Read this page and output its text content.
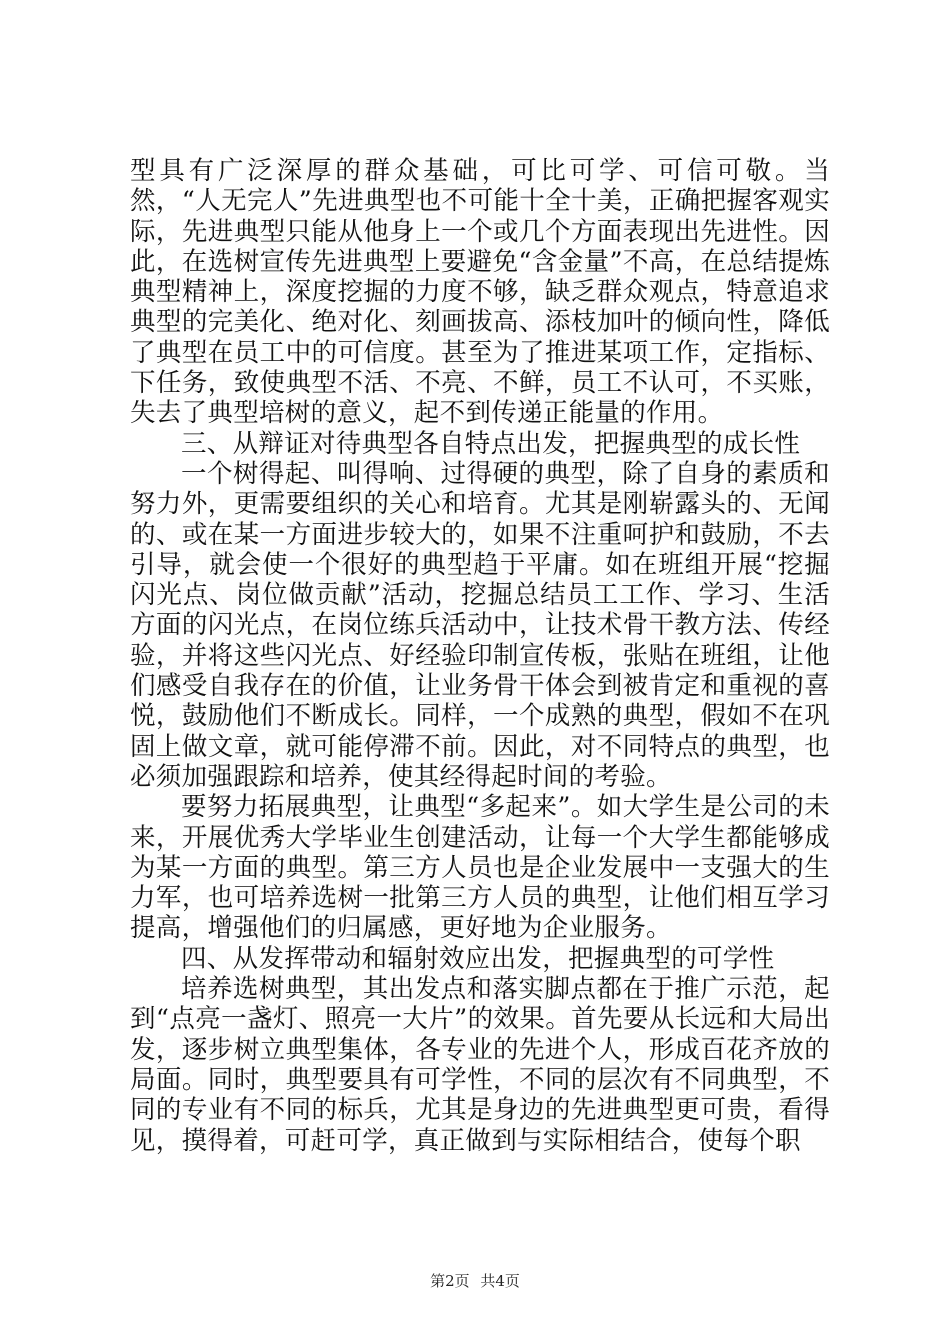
型具有广泛深厚的群众基础，可比可学、可信可敬。当然，“人无完人”先进典型也不可能十全十美，正确把握客观实际，先进典型只能从他身上一个或几个方面表现出先进性。因此，在选树宣传先进典型上要避免“含金量”不高，在总结提炼典型精神上，深度挖掘的力度不够，缺乏群众观点，特意追求典型的完美化、绝对化、刻画拔高、添枝加叶的倾向性，降低了典型在员工中的可信度。甚至为了推进某项工作，定指标、下任务，致使典型不活、不亮、不鲜，员工不认可，不买账，失去了典型培树的意义，起不到传递正能量的作用。

三、从辩证对待典型各自特点出发，把握典型的成长性

一个树得起、叫得响、过得硬的典型，除了自身的素质和努力外，更需要组织的关心和培育。尤其是刚崭露头的、无闻的、或在某一方面进步较大的，如果不注重呵护和鼓励，不去引导，就会使一个很好的典型趋于平庸。如在班组开展“挖掘闪光点、岗位做贡献”活动，挖掘总结员工工作、学习、生活方面的闪光点，在岗位练兵活动中，让技术骨干教方法、传经验，并将这些闪光点、好经验印制宣传板，张贴在班组，让他们感受自我存在的价值，让业务骨干体会到被肯定和重视的喜悦，鼓励他们不断成长。同样，一个成熟的典型，假如不在巩固上做文章，就可能停滞不前。因此，对不同特点的典型，也必须加强跟踪和培养，使其经得起时间的考验。

要努力拓展典型，让典型“多起来”。如大学生是公司的未来，开展优秀大学毕业生创建活动，让每一个大学生都能够成为某一方面的典型。第三方人员也是企业发展中一支强大的生力军，也可培养选树一批第三方人员的典型，让他们相互学习提高，增强他们的归属感，更好地为企业服务。

四、从发挥带动和辐射效应出发，把握典型的可学性

培养选树典型，其出发点和落实脚点都在于推广示范，起到“点亮一盏灯、照亮一大片”的效果。首先要从长远和大局出发，逐步树立典型集体，各专业的先进个人，形成百花齐放的局面。同时，典型要具有可学性，不同的层次有不同典型，不同的专业有不同的标兵，尤其是身边的先进典型更可贵，看得见，摸得着，可赶可学，真正做到与实际相结合，使每个职

第2页 共4页
